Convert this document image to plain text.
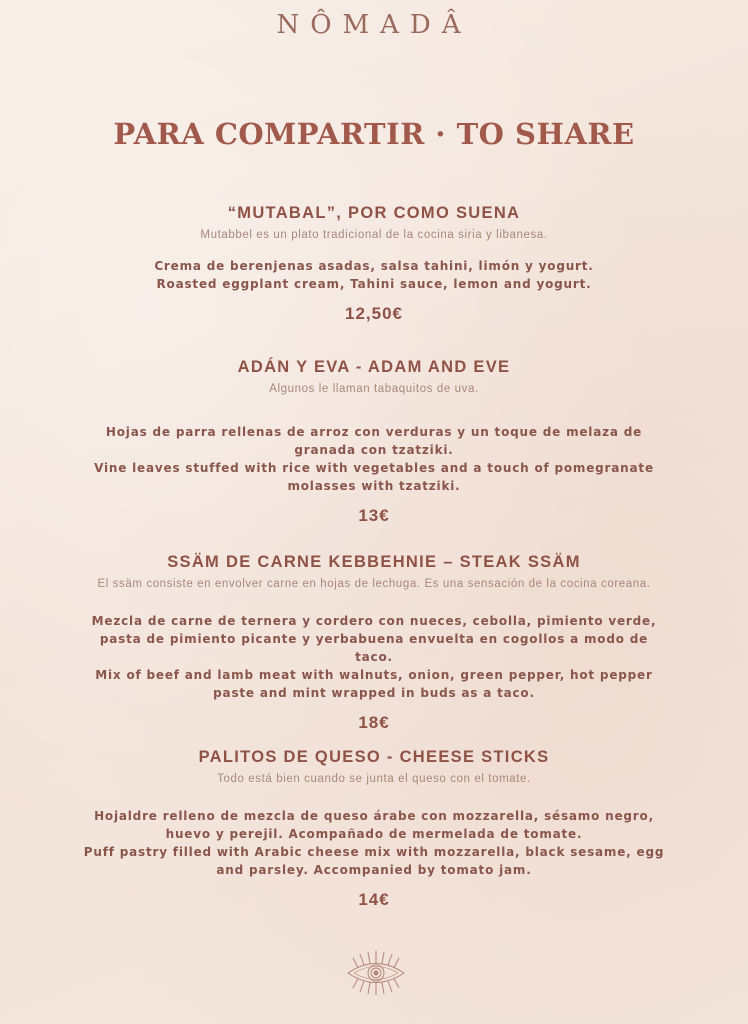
NÔMADÂ
PARA COMPARTIR · TO SHARE
“MUTABAL”, POR COMO SUENA
Mutabbel es un plato tradicional de la cocina siria y libanesa.
Crema de berenjenas asadas, salsa tahini, limón y yogurt.
Roasted eggplant cream, Tahini sauce, lemon and yogurt.
12,50€
ADÁN Y EVA - ADAM AND EVE
Algunos le llaman tabaquitos de uva.
Hojas de parra rellenas de arroz con verduras y un toque de melaza de granada con tzatziki.
Vine leaves stuffed with rice with vegetables and a touch of pomegranate molasses with tzatziki.
13€
SSÄM DE CARNE KEBBEHNIE – STEAK SSÄM
El ssäm consiste en envolver carne en hojas de lechuga. Es una sensación de la cocina coreana.
Mezcla de carne de ternera y cordero con nueces, cebolla, pimiento verde, pasta de pimiento picante y yerbabuena envuelta en cogollos a modo de taco.
Mix of beef and lamb meat with walnuts, onion, green pepper, hot pepper paste and mint wrapped in buds as a taco.
18€
PALITOS DE QUESO - CHEESE STICKS
Todo está bien cuando se junta el queso con el tomate.
Hojaldre relleno de mezcla de queso árabe con mozzarella, sésamo negro, huevo y perejil. Acompañado de mermelada de tomate.
Puff pastry filled with Arabic cheese mix with mozzarella, black sesame, egg and parsley. Accompanied by tomato jam.
14€
